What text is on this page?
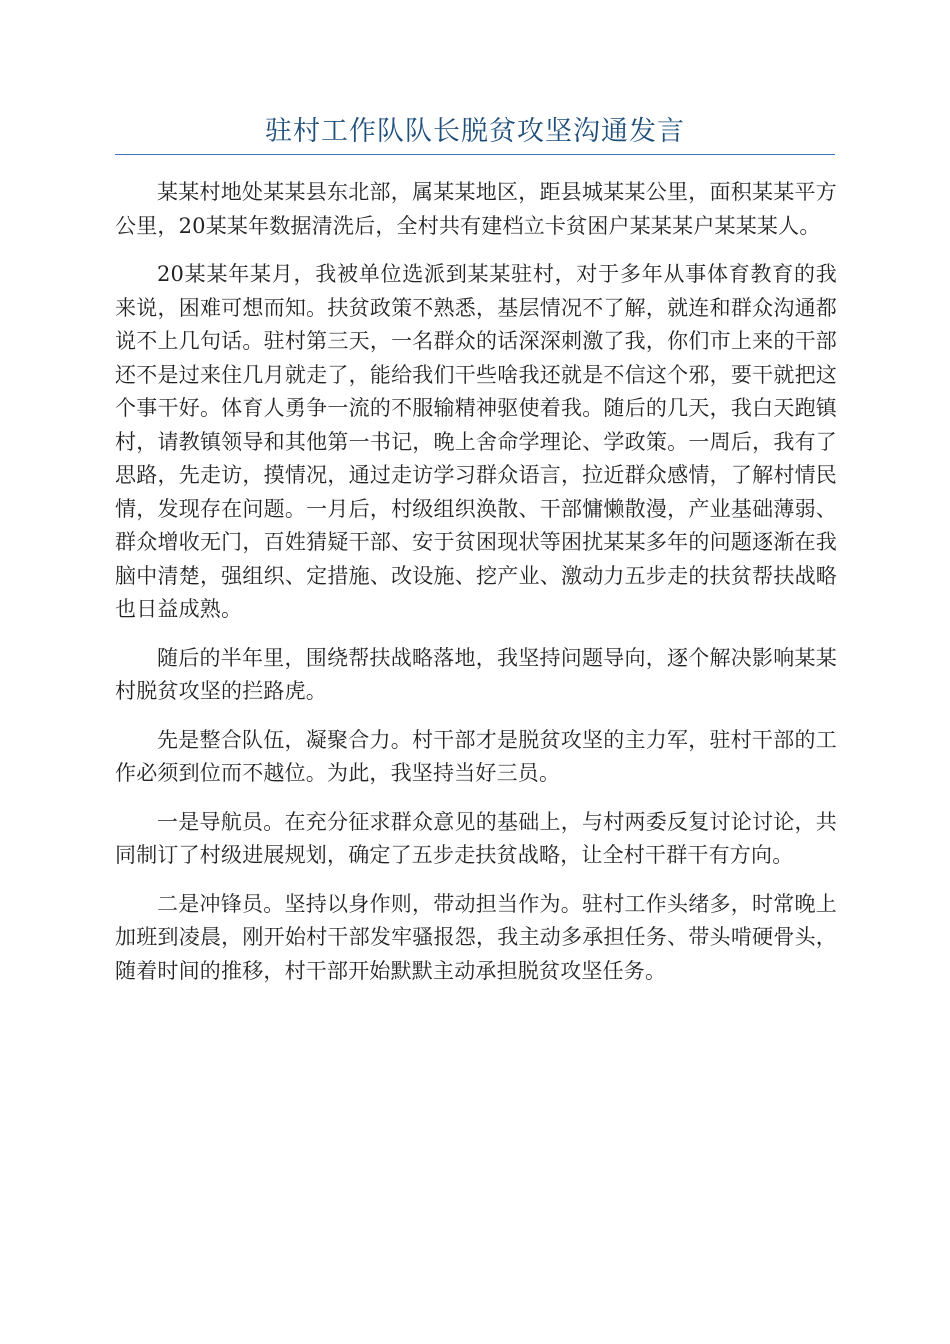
驻村工作队队长脱贫攻坚沟通发言

某某村地处某某县东北部，属某某地区，距县城某某公里，面积某某平方公里，20某某年数据清洗后，全村共有建档立卡贫困户某某某户某某某人。

20某某年某月，我被单位选派到某某驻村，对于多年从事体育教育的我来说，困难可想而知。扶贫政策不熟悉，基层情况不了解，就连和群众沟通都说不上几句话。驻村第三天，一名群众的话深深刺激了我，你们市上来的干部还不是过来住几月就走了，能给我们干些啥我还就是不信这个邪，要干就把这个事干好。体育人勇争一流的不服输精神驱使着我。随后的几天，我白天跑镇村，请教镇领导和其他第一书记，晚上舍命学理论、学政策。一周后，我有了思路，先走访，摸情况，通过走访学习群众语言，拉近群众感情，了解村情民情，发现存在问题。一月后，村级组织涣散、干部慵懒散漫，产业基础薄弱、群众增收无门，百姓猜疑干部、安于贫困现状等困扰某某多年的问题逐渐在我脑中清楚，强组织、定措施、改设施、挖产业、激动力五步走的扶贫帮扶战略也日益成熟。

随后的半年里，围绕帮扶战略落地，我坚持问题导向，逐个解决影响某某村脱贫攻坚的拦路虎。

先是整合队伍，凝聚合力。村干部才是脱贫攻坚的主力军，驻村干部的工作必须到位而不越位。为此，我坚持当好三员。

一是导航员。在充分征求群众意见的基础上，与村两委反复讨论讨论，共同制订了村级进展规划，确定了五步走扶贫战略，让全村干群干有方向。

二是冲锋员。坚持以身作则，带动担当作为。驻村工作头绪多，时常晚上加班到凌晨，刚开始村干部发牢骚报怨，我主动多承担任务、带头啃硬骨头，随着时间的推移，村干部开始默默主动承担脱贫攻坚任务。
